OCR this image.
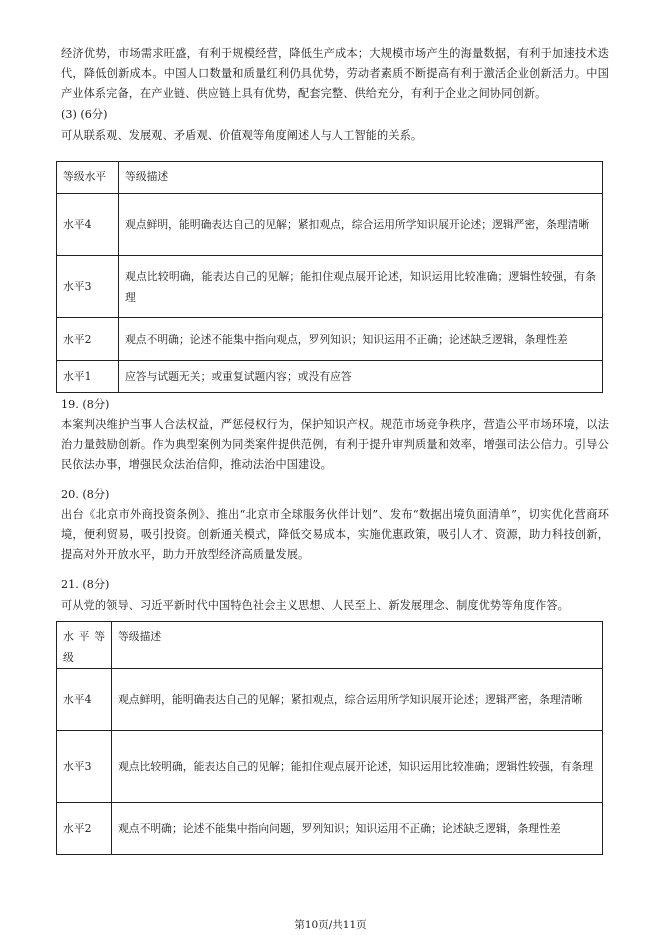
经济优势，市场需求旺盛，有利于规模经营，降低生产成本；大规模市场产生的海量数据，有利于加速技术迭代，降低创新成本。中国人口数量和质量红利仍具优势，劳动者素质不断提高有利于激活企业创新活力。中国产业体系完备，在产业链、供应链上具有优势，配套完整、供给充分，有利于企业之间协同创新。
(3) (6分)
可从联系观、发展观、矛盾观、价值观等角度阐述人与人工智能的关系。
等级水平	等级描述
水平4	观点鲜明，能明确表达自己的见解；紧扣观点，综合运用所学知识展开论述；逻辑严密，条理清晰
水平3	观点比较明确，能表达自己的见解；能扣住观点展开论述，知识运用比较准确；逻辑性较强，有条理
水平2	观点不明确；论述不能集中指向观点，罗列知识；知识运用不正确；论述缺乏逻辑，条理性差
水平1	应答与试题无关；或重复试题内容；或没有应答
19. (8分)
本案判决维护当事人合法权益，严惩侵权行为，保护知识产权。规范市场竞争秩序，营造公平市场环境，以法治力量鼓励创新。作为典型案例为同类案件提供范例，有利于提升审判质量和效率，增强司法公信力。引导公民依法办事，增强民众法治信仰，推动法治中国建设。
20. (8分)
出台《北京市外商投资条例》、推出“北京市全球服务伙伴计划”、发布“数据出境负面清单”，切实优化营商环境，便利贸易，吸引投资。创新通关模式，降低交易成本，实施优惠政策，吸引人才、资源，助力科技创新，提高对外开放水平，助力开放型经济高质量发展。
21. (8分)
可从党的领导、习近平新时代中国特色社会主义思想、人民至上、新发展理念、制度优势等角度作答。
水平等级	等级描述
水平4	观点鲜明，能明确表达自己的见解；紧扣观点，综合运用所学知识展开论述；逻辑严密，条理清晰
水平3	观点比较明确，能表达自己的见解；能扣住观点展开论述，知识运用比较准确；逻辑性较强，有条理
水平2	观点不明确；论述不能集中指向问题，罗列知识；知识运用不正确；论述缺乏逻辑，条理性差
第10页/共11页
